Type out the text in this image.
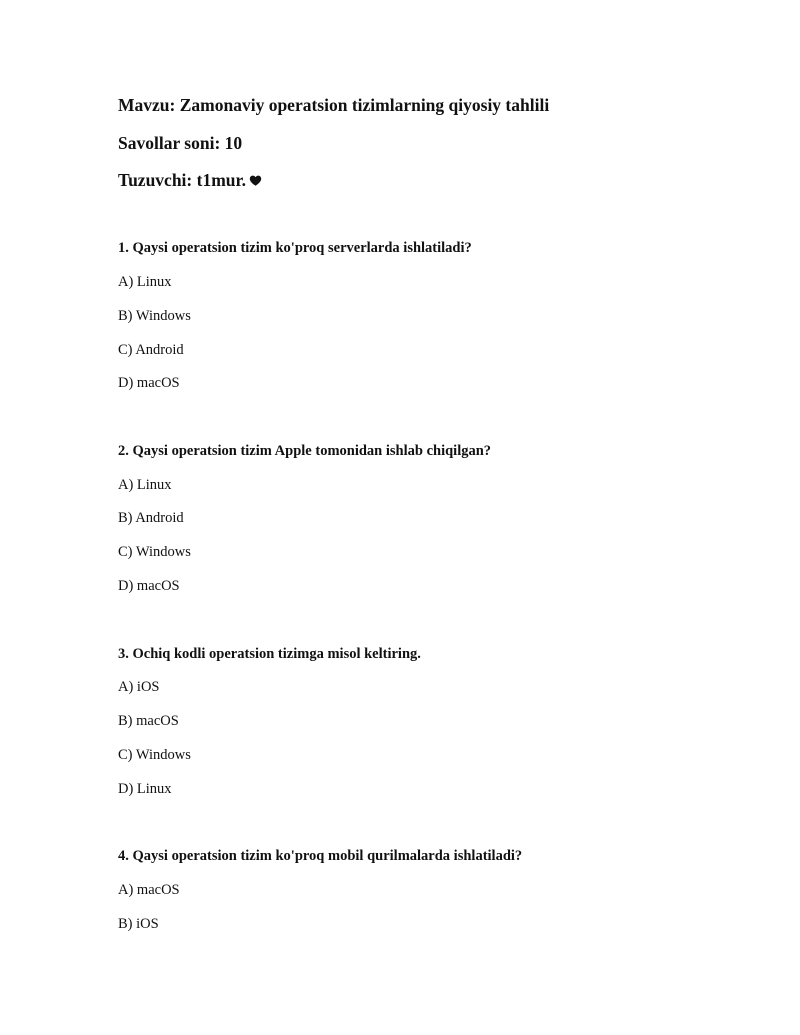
Mavzu: Zamonaviy operatsion tizimlarning qiyosiy tahlili
Savollar soni: 10
Tuzuvchi: t1mur.
1. Qaysi operatsion tizim ko'proq serverlarda ishlatiladi?
A) Linux
B) Windows
C) Android
D) macOS
2. Qaysi operatsion tizim Apple tomonidan ishlab chiqilgan?
A) Linux
B) Android
C) Windows
D) macOS
3. Ochiq kodli operatsion tizimga misol keltiring.
A) iOS
B) macOS
C) Windows
D) Linux
4. Qaysi operatsion tizim ko'proq mobil qurilmalarda ishlatiladi?
A) macOS
B) iOS
